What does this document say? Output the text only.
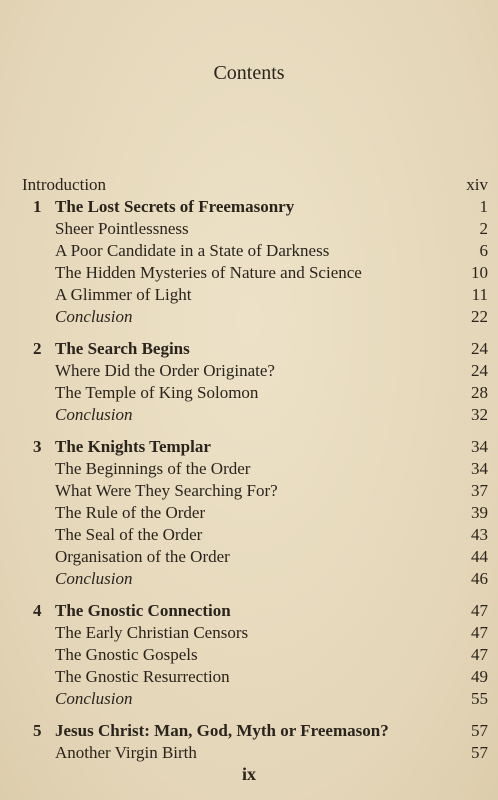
Contents
Introduction	xiv
1 The Lost Secrets of Freemasonry	1
Sheer Pointlessness	2
A Poor Candidate in a State of Darkness	6
The Hidden Mysteries of Nature and Science	10
A Glimmer of Light	11
Conclusion	22
2 The Search Begins	24
Where Did the Order Originate?	24
The Temple of King Solomon	28
Conclusion	32
3 The Knights Templar	34
The Beginnings of the Order	34
What Were They Searching For?	37
The Rule of the Order	39
The Seal of the Order	43
Organisation of the Order	44
Conclusion	46
4 The Gnostic Connection	47
The Early Christian Censors	47
The Gnostic Gospels	47
The Gnostic Resurrection	49
Conclusion	55
5 Jesus Christ: Man, God, Myth or Freemason?	57
Another Virgin Birth	57
ix
